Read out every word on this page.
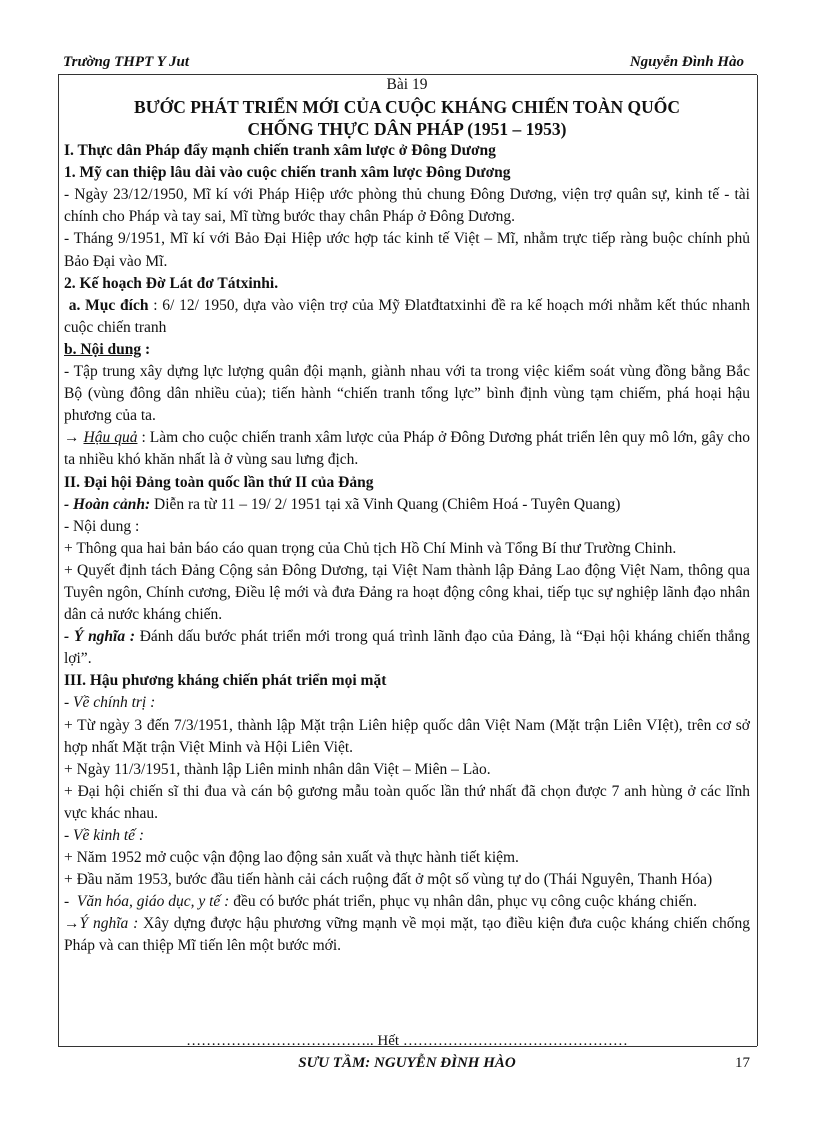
Trường THPT Y Jut	Nguyễn Đình Hào

Bài 19

BƯỚC PHÁT TRIỂN MỚI CỦA CUỘC KHÁNG CHIẾN TOÀN QUỐC

CHỐNG THỰC DÂN PHÁP (1951 – 1953)

I. Thực dân Pháp đẩy mạnh chiến tranh xâm lược ở Đông Dương

1. Mỹ can thiệp lâu dài vào cuộc chiến tranh xâm lược Đông Dương

- Ngày 23/12/1950, Mĩ kí với Pháp Hiệp ước phòng thủ chung Đông Dương, viện trợ quân sự, kinh tế - tài chính cho Pháp và tay sai, Mĩ từng bước thay chân Pháp ở Đông Dương.

- Tháng 9/1951, Mĩ kí với Bảo Đại Hiệp ước hợp tác kinh tế Việt – Mĩ, nhằm trực tiếp ràng buộc chính phủ Bảo Đại vào Mĩ.

2. Kế hoạch Đờ Lát đơ Tátxinhi.

a. Mục đích : 6/ 12/ 1950, dựa vào viện trợ của Mỹ Đlatđtatxinhi đề ra kế hoạch mới nhằm kết thúc nhanh cuộc chiến tranh

b. Nội dung :

- Tập trung xây dựng lực lượng quân đội mạnh, giành nhau với ta trong việc kiểm soát vùng đồng bằng Bắc Bộ (vùng đông dân nhiều của); tiến hành “chiến tranh tổng lực” bình định vùng tạm chiếm, phá hoại hậu phương của ta.

→ Hậu quả : Làm cho cuộc chiến tranh xâm lược của Pháp ở Đông Dương phát triển lên quy mô lớn, gây cho ta nhiều khó khăn nhất là ở vùng sau lưng địch.

II. Đại hội Đảng toàn quốc lần thứ II của Đảng

- Hoàn cảnh: Diễn ra từ 11 – 19/ 2/ 1951 tại xã Vinh Quang (Chiêm Hoá - Tuyên Quang)

- Nội dung :

+ Thông qua hai bản báo cáo quan trọng của Chủ tịch Hồ Chí Minh và Tổng Bí thư Trường Chinh.

+ Quyết định tách Đảng Cộng sản Đông Dương, tại Việt Nam thành lập Đảng Lao động Việt Nam, thông qua Tuyên ngôn, Chính cương, Điều lệ mới và đưa Đảng ra hoạt động công khai, tiếp tục sự nghiệp lãnh đạo nhân dân cả nước kháng chiến.

- Ý nghĩa : Đánh dấu bước phát triển mới trong quá trình lãnh đạo của Đảng, là “Đại hội kháng chiến thắng lợi”.

III. Hậu phương kháng chiến phát triển mọi mặt

- Về chính trị :

+ Từ ngày 3 đến 7/3/1951, thành lập Mặt trận Liên hiệp quốc dân Việt Nam (Mặt trận Liên VIệt), trên cơ sở hợp nhất Mặt trận Việt Minh và Hội Liên Việt.

+ Ngày 11/3/1951, thành lập Liên minh nhân dân Việt – Miên – Lào.

+ Đại hội chiến sĩ thi đua và cán bộ gương mẫu toàn quốc lần thứ nhất đã chọn được 7 anh hùng ở các lĩnh vực khác nhau.

- Về kinh tế :

+ Năm 1952 mở cuộc vận động lao động sản xuất và thực hành tiết kiệm.

+ Đầu năm 1953, bước đầu tiến hành cải cách ruộng đất ở một số vùng tự do (Thái Nguyên, Thanh Hóa)

- Văn hóa, giáo dục, y tế : đều có bước phát triển, phục vụ nhân dân, phục vụ công cuộc kháng chiến.

→Ý nghĩa : Xây dựng được hậu phương vững mạnh về mọi mặt, tạo điều kiện đưa cuộc kháng chiến chống Pháp và can thiệp Mĩ tiến lên một bước mới.

……………………………….. Hết ………………………………………
SƯU TẦM: NGUYỄN ĐÌNH HÀO	17
